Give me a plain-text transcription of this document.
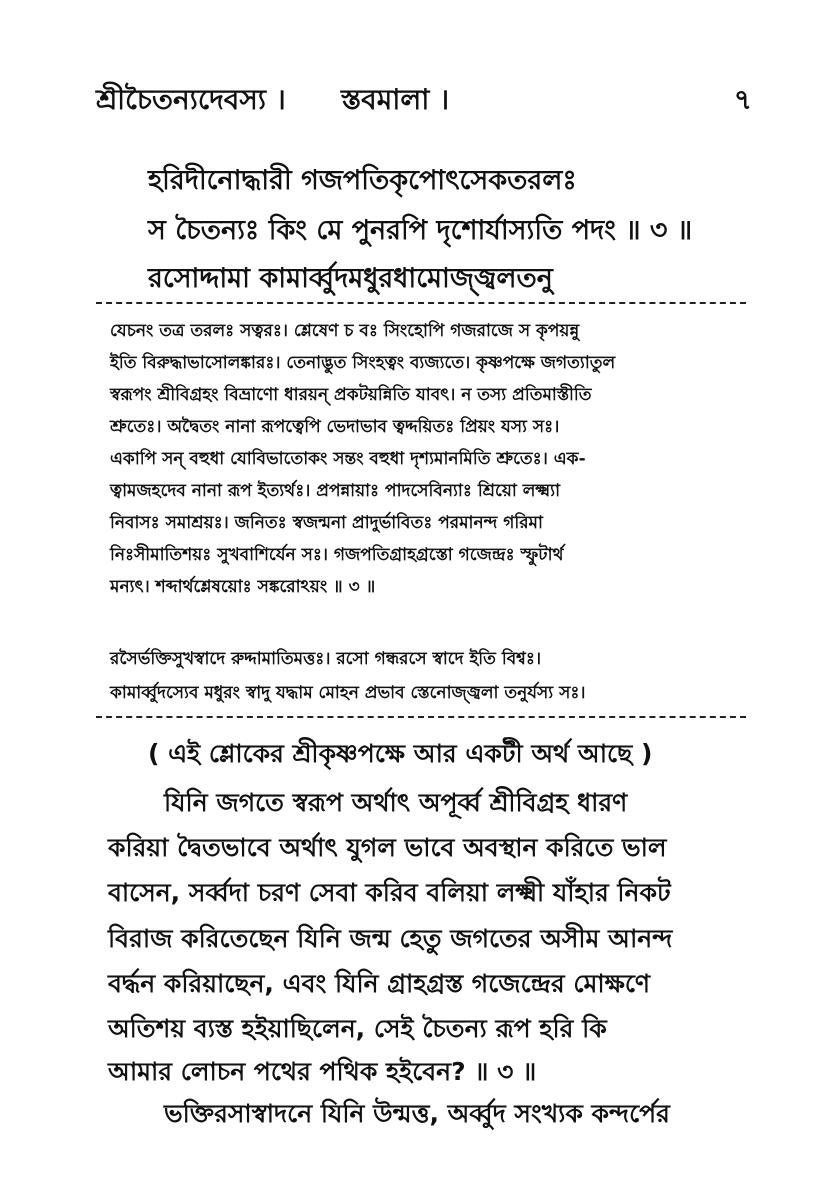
শ্রীচৈতন্যদেবস্য । স্তবমালা ।	৭
হরিদীনোদ্ধারী গজপতিকৃপোৎসেকতরলঃ
স চৈতন্যঃ কিং মে পুনরপি দৃশোর্যাস্যতি পদং ॥ ৩ ॥
রসোদ্দামা কামার্ব্বুদমধুরধামোজ্জ্বলতনু
যেচনং তত্র তরলঃ সত্বরঃ। শ্লেষেণ চ বঃ সিংহোপি গজরাজে স কৃপয়ন্নু
ইতি বিরুদ্ধাভাসোলঙ্কারঃ। তেনাদ্ভুত সিংহত্বং ব্যজ্যতে। কৃষ্ণপক্ষে জগত্যাতুল
স্বরূপং শ্রীবিগ্রহং বিভ্রাণো ধারয়ন্ প্রকটয়ন্নিতি যাবৎ। ন তস্য প্রতিমাস্তীতি
শ্রুতেঃ। অদ্বৈতং নানা রূপত্বেপি ভেদাভাব ত্বদ্দয়িতঃ প্রিয়ং যস্য সঃ।
একাপি সন্ বহুধা যোবিভাতোকং সন্তং বহুধা দৃশ্যমানমিতি শ্রুতেঃ। এক-
ত্বামজহদেব নানা রূপ ইত্যর্থঃ। প্রপন্নায়াঃ পাদসেবিন্যাঃ শ্রিয়ো লক্ষ্ম্যা
নিবাসঃ সমাশ্রয়ঃ। জনিতঃ স্বজন্মনা প্রাদুর্ভাবিতঃ পরমানন্দ গরিমা
নিঃসীমাতিশয়ঃ সুখবাশির্যেন সঃ। গজপতিগ্রাহগ্রস্তো গজেন্দ্রঃ স্ফুটার্থ
মন্যৎ। শব্দার্থশ্লেষয়োঃ সঙ্করোঽয়ং ॥ ৩ ॥
রসৈর্ভক্তিসুখস্বাদে রুদ্দামাতিমত্তঃ। রসো গন্ধরসে স্বাদে ইতি বিশ্বঃ।
কামার্ব্বুদস্যেব মধুরং স্বাদু যদ্ধাম মোহন প্রভাব স্তেনোজ্জ্বলা তনুর্যস্য সঃ।
( এই শ্লোকের শ্রীকৃষ্ণপক্ষে আর একটী অর্থ আছে )
যিনি জগতে স্বরূপ অর্থাৎ অপূর্ব্ব শ্রীবিগ্রহ ধারণ
করিয়া দ্বৈতভাবে অর্থাৎ যুগল ভাবে অবস্থান করিতে ভাল
বাসেন, সর্ব্বদা চরণ সেবা করিব বলিয়া লক্ষ্মী যাঁহার নিকট
বিরাজ করিতেছেন যিনি জন্ম হেতু জগতের অসীম আনন্দ
বর্দ্ধন করিয়াছেন, এবং যিনি গ্রাহগ্রস্ত গজেন্দ্রের মোক্ষণে
অতিশয় ব্যস্ত হইয়াছিলেন, সেই চৈতন্য রূপ হরি কি
আমার লোচন পথের পথিক হইবেন? ॥ ৩ ॥
ভক্তিরসাস্বাদনে যিনি উন্মত্ত, অর্ব্বুদ সংখ্যক কন্দর্পের
